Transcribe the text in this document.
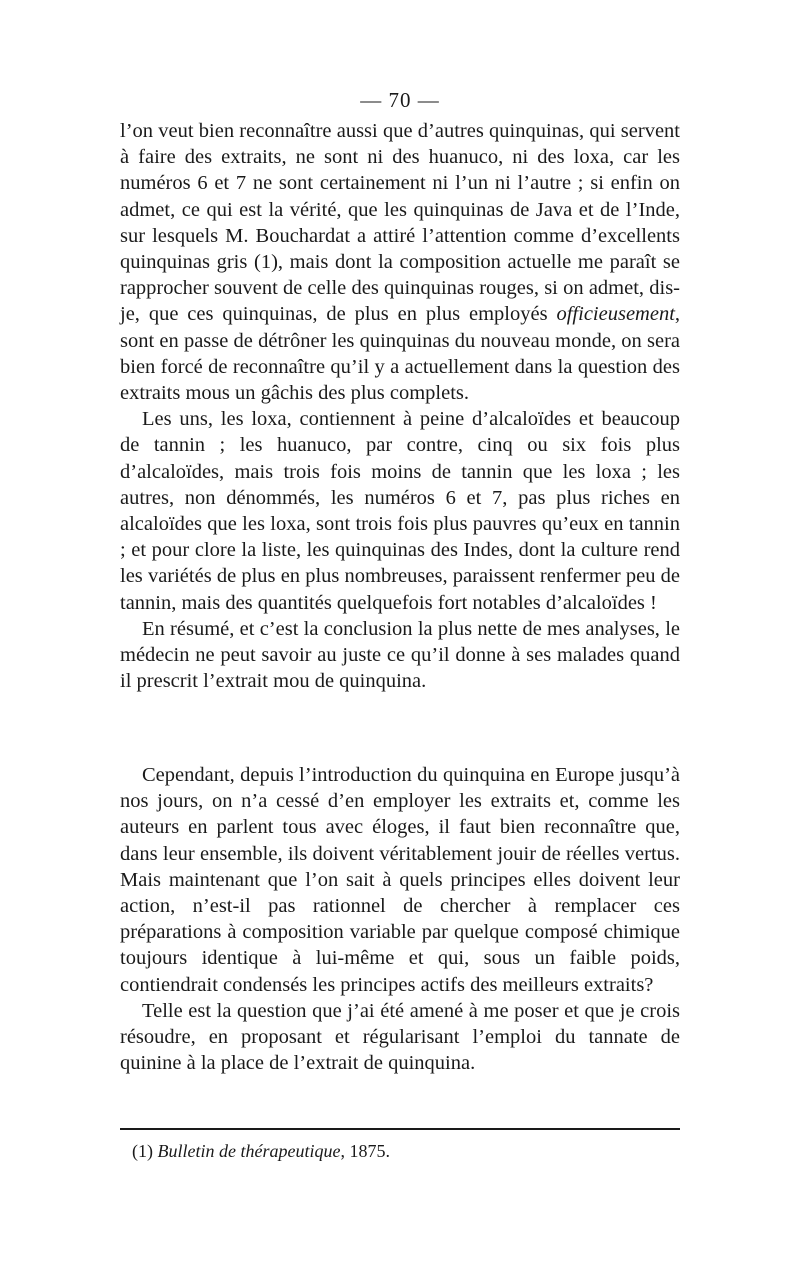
— 70 —

l’on veut bien reconnaître aussi que d’autres quinquinas, qui servent à faire des extraits, ne sont ni des huanuco, ni des loxa, car les numéros 6 et 7 ne sont certainement ni l’un ni l’autre ; si enfin on admet, ce qui est la vérité, que les quinquinas de Java et de l’Inde, sur lesquels M. Bouchardat a attiré l’attention comme d’excellents quinquinas gris (1), mais dont la composition actuelle me paraît se rapprocher souvent de celle des quinquinas rouges, si on admet, dis-je, que ces quinquinas, de plus en plus employés officieusement, sont en passe de détrôner les quinquinas du nouveau monde, on sera bien forcé de reconnaître qu’il y a actuellement dans la question des extraits mous un gâchis des plus complets.

Les uns, les loxa, contiennent à peine d’alcaloïdes et beaucoup de tannin ; les huanuco, par contre, cinq ou six fois plus d’alcaloïdes, mais trois fois moins de tannin que les loxa ; les autres, non dénommés, les numéros 6 et 7, pas plus riches en alcaloïdes que les loxa, sont trois fois plus pauvres qu’eux en tannin ; et pour clore la liste, les quinquinas des Indes, dont la culture rend les variétés de plus en plus nombreuses, paraissent renfermer peu de tannin, mais des quantités quelquefois fort notables d’alcaloïdes !

En résumé, et c’est la conclusion la plus nette de mes analyses, le médecin ne peut savoir au juste ce qu’il donne à ses malades quand il prescrit l’extrait mou de quinquina.

Cependant, depuis l’introduction du quinquina en Europe jusqu’à nos jours, on n’a cessé d’en employer les extraits et, comme les auteurs en parlent tous avec éloges, il faut bien reconnaître que, dans leur ensemble, ils doivent véritablement jouir de réelles vertus. Mais maintenant que l’on sait à quels principes elles doivent leur action, n’est-il pas rationnel de chercher à remplacer ces préparations à composition variable par quelque composé chimique toujours identique à lui-même et qui, sous un faible poids, contiendrait condensés les principes actifs des meilleurs extraits?

Telle est la question que j’ai été amené à me poser et que je crois résoudre, en proposant et régularisant l’emploi du tannate de quinine à la place de l’extrait de quinquina.

(1) Bulletin de thérapeutique, 1875.
